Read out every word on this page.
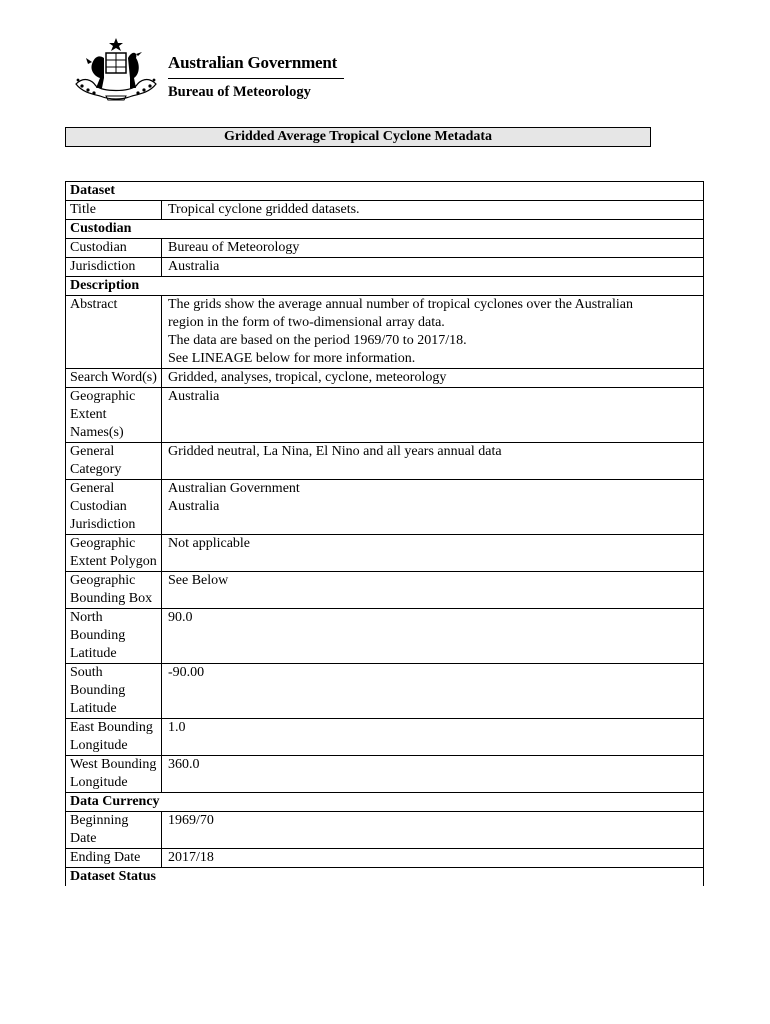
Australian Government
Bureau of Meteorology
Gridded Average Tropical Cyclone Metadata
Dataset	
Title	Tropical cyclone gridded datasets.

Custodian	
Custodian	Bureau of Meteorology

Jurisdiction	Australia

Description	
Abstract	The grids show the average annual number of tropical cyclones over the Australian
region in the form of two-dimensional array data.
The data are based on the period 1969/70 to 2017/18.
See LINEAGE below for more information.

Search Word(s)	Gridded, analyses, tropical, cyclone, meteorology

Geographic Extent Names(s)	Australia

General Category	Gridded neutral, La Nina, El Nino and all years annual data

General Custodian Jurisdiction	Australian Government
Australia

Geographic Extent Polygon	Not applicable

Geographic Bounding Box	See Below

North Bounding Latitude	90.0

South Bounding Latitude	-90.00

East Bounding Longitude	1.0

West Bounding Longitude	360.0

Data Currency	
Beginning Date	1969/70

Ending Date	2017/18

Dataset Status	
